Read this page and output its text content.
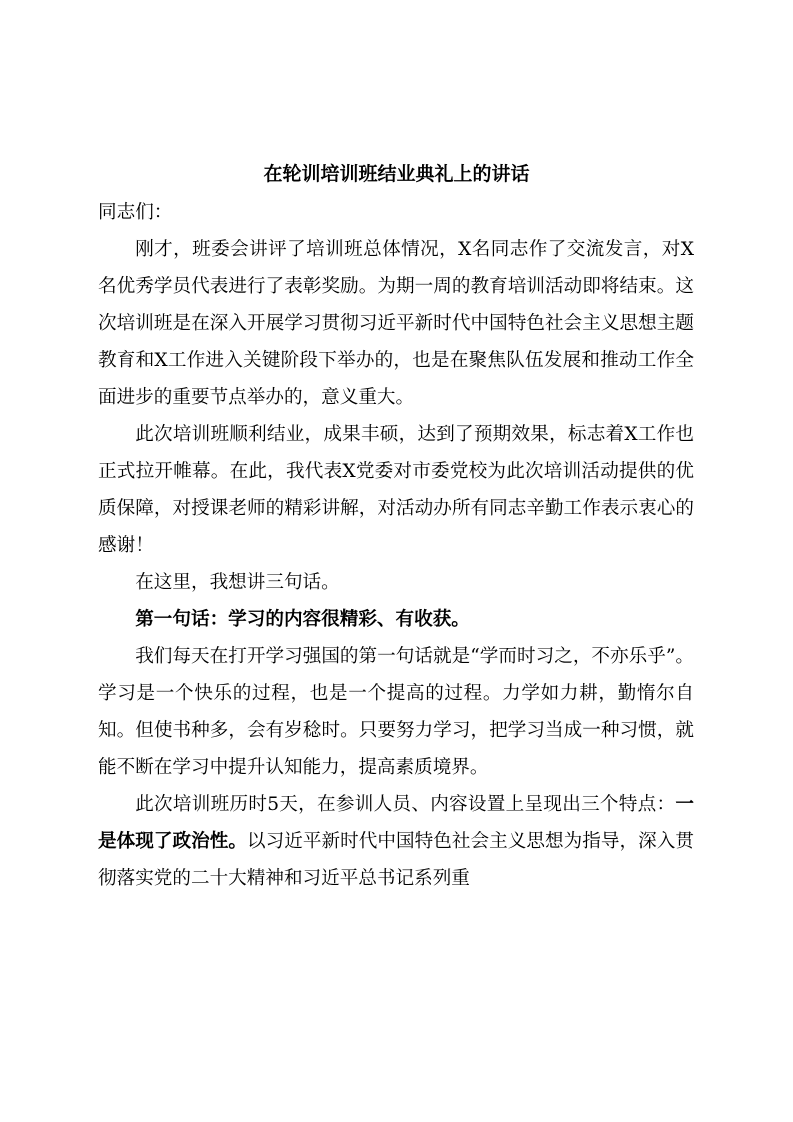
在轮训培训班结业典礼上的讲话

同志们：

刚才，班委会讲评了培训班总体情况，X名同志作了交流发言，对X名优秀学员代表进行了表彰奖励。为期一周的教育培训活动即将结束。这次培训班是在深入开展学习贯彻习近平新时代中国特色社会主义思想主题教育和X工作进入关键阶段下举办的，也是在聚焦队伍发展和推动工作全面进步的重要节点举办的，意义重大。

此次培训班顺利结业，成果丰硕，达到了预期效果，标志着X工作也正式拉开帷幕。在此，我代表X党委对市委党校为此次培训活动提供的优质保障，对授课老师的精彩讲解，对活动办所有同志辛勤工作表示衷心的感谢！

在这里，我想讲三句话。

第一句话：学习的内容很精彩、有收获。

我们每天在打开学习强国的第一句话就是“学而时习之，不亦乐乎”。学习是一个快乐的过程，也是一个提高的过程。力学如力耕，勤惰尔自知。但使书种多，会有岁稔时。只要努力学习，把学习当成一种习惯，就能不断在学习中提升认知能力，提高素质境界。

此次培训班历时5天，在参训人员、内容设置上呈现出三个特点：一是体现了政治性。以习近平新时代中国特色社会主义思想为指导，深入贯彻落实党的二十大精神和习近平总书记系列重
